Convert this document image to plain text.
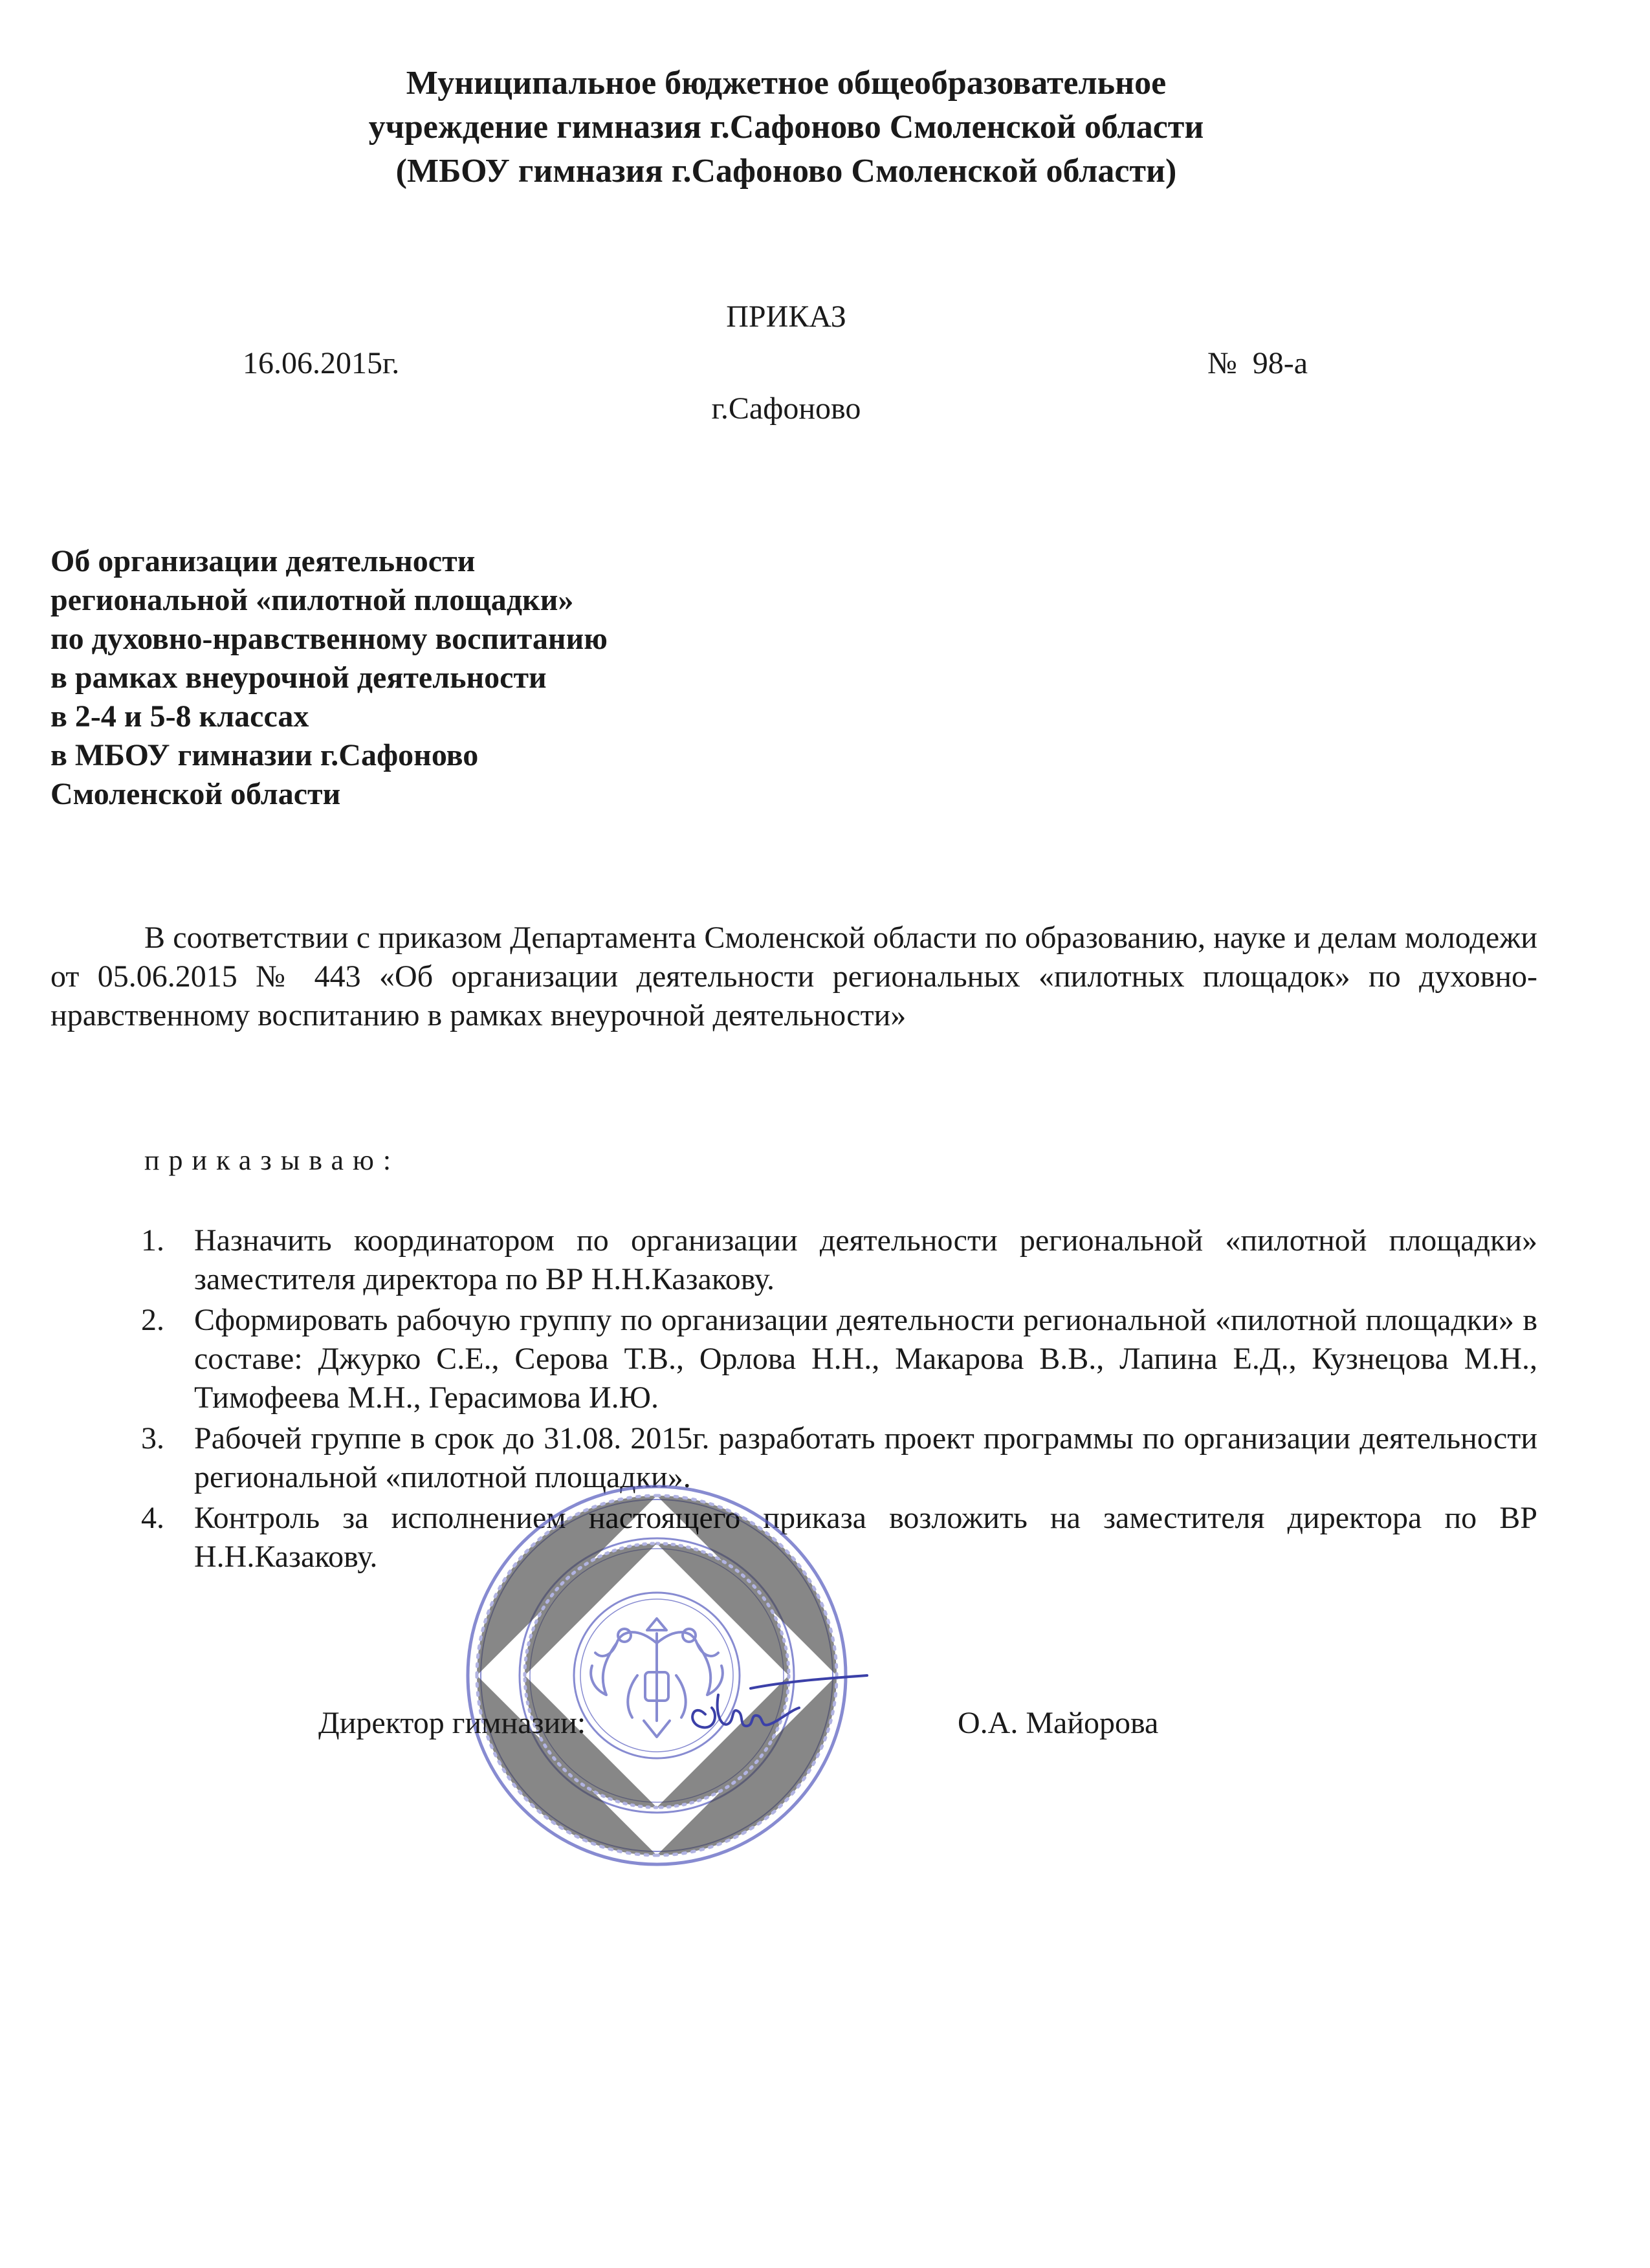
Муниципальное бюджетное общеобразовательное
учреждение гимназия г.Сафоново Смоленской области
(МБОУ гимназия г.Сафоново Смоленской области)
ПРИКАЗ
16.06.2015г.	№  98-а
г.Сафоново
Об организации деятельности
региональной «пилотной площадки»
по духовно-нравственному воспитанию
в рамках внеурочной деятельности
в 2-4 и 5-8 классах
в МБОУ гимназии г.Сафоново
Смоленской области
В соответствии с приказом Департамента Смоленской области по образованию, науке и делам молодежи от 05.06.2015 № 443 «Об организации деятельности региональных «пилотных площадок» по духовно-нравственному воспитанию в рамках внеурочной деятельности»
приказываю:
1. Назначить координатором по организации деятельности региональной «пилотной площадки» заместителя директора по ВР Н.Н.Казакову.
2. Сформировать рабочую группу по организации деятельности региональной «пилотной площадки» в составе: Джурко С.Е., Серова Т.В., Орлова Н.Н., Макарова В.В., Лапина Е.Д., Кузнецова М.Н., Тимофеева М.Н., Герасимова И.Ю.
3. Рабочей группе в срок до 31.08. 2015г. разработать проект программы по организации деятельности региональной «пилотной площадки».
4. Контроль за исполнением настоящего приказа возложить на заместителя директора по ВР Н.Н.Казакову.
Директор гимназии:	О.А. Майорова
